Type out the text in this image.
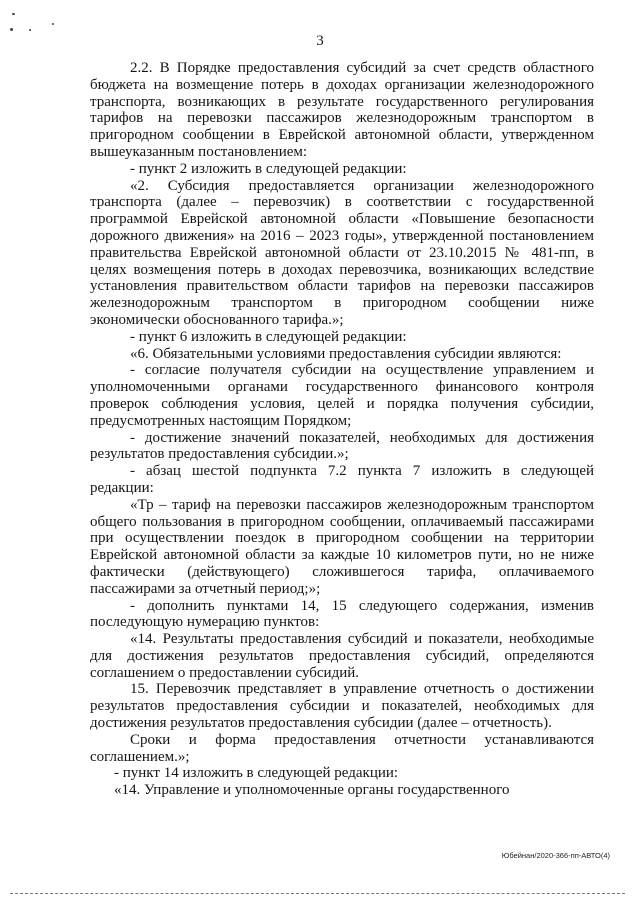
3

2.2. В Порядке предоставления субсидий за счет средств областного бюджета на возмещение потерь в доходах организации железнодорожного транспорта, возникающих в результате государственного регулирования тарифов на перевозки пассажиров железнодорожным транспортом в пригородном сообщении в Еврейской автономной области, утвержденном вышеуказанным постановлением:

- пункт 2 изложить в следующей редакции:

«2. Субсидия предоставляется организации железнодорожного транспорта (далее – перевозчик) в соответствии с государственной программой Еврейской автономной области «Повышение безопасности дорожного движения» на 2016 – 2023 годы», утвержденной постановлением правительства Еврейской автономной области от 23.10.2015 № 481-пп, в целях возмещения потерь в доходах перевозчика, возникающих вследствие установления правительством области тарифов на перевозки пассажиров железнодорожным транспортом в пригородном сообщении ниже экономически обоснованного тарифа.»;

- пункт 6 изложить в следующей редакции:

«6. Обязательными условиями предоставления субсидии являются:

- согласие получателя субсидии на осуществление управлением и уполномоченными органами государственного финансового контроля проверок соблюдения условия, целей и порядка получения субсидии, предусмотренных настоящим Порядком;

- достижение значений показателей, необходимых для достижения результатов предоставления субсидии.»;

- абзац шестой подпункта 7.2 пункта 7 изложить в следующей редакции:

«Тр – тариф на перевозки пассажиров железнодорожным транспортом общего пользования в пригородном сообщении, оплачиваемый пассажирами при осуществлении поездок в пригородном сообщении на территории Еврейской автономной области за каждые 10 километров пути, но не ниже фактически (действующего) сложившегося тарифа, оплачиваемого пассажирами за отчетный период;»;

- дополнить пунктами 14, 15 следующего содержания, изменив последующую нумерацию пунктов:

«14. Результаты предоставления субсидий и показатели, необходимые для достижения результатов предоставления субсидий, определяются соглашением о предоставлении субсидий.

15. Перевозчик представляет в управление отчетность о достижении результатов предоставления субсидии и показателей, необходимых для достижения результатов предоставления субсидии (далее – отчетность).

Сроки и форма предоставления отчетности устанавливаются соглашением.»;

- пункт 14 изложить в следующей редакции:

«14. Управление и уполномоченные органы государственного

Юбейнан/2020-366-пп-АВТО(4)
